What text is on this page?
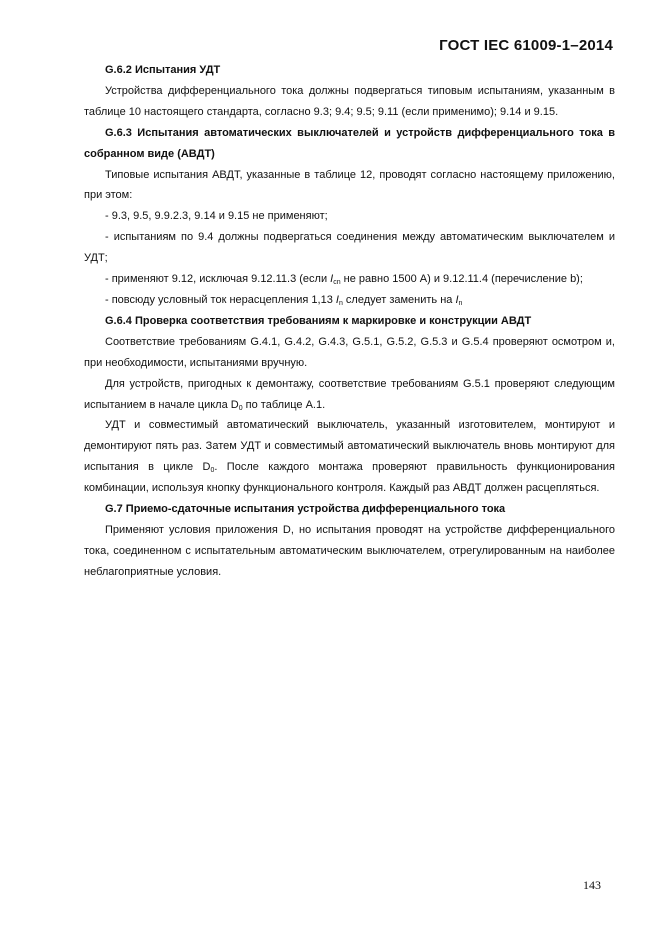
ГОСТ IEC 61009-1–2014

G.6.2 Испытания УДТ

Устройства дифференциального тока должны подвергаться типовым испытаниям, указанным в таблице 10 настоящего стандарта, согласно 9.3; 9.4; 9.5; 9.11 (если применимо); 9.14 и 9.15.

G.6.3 Испытания автоматических выключателей и устройств дифференциального тока в собранном виде (АВДТ)

Типовые испытания АВДТ, указанные в таблице 12, проводят согласно настоящему приложению, при этом:

- 9.3, 9.5, 9.9.2.3, 9.14 и 9.15 не применяют;

- испытаниям по 9.4 должны подвергаться соединения между автоматическим выключателем и УДТ;

- применяют 9.12, исключая 9.12.11.3 (если $I_{cn}$ не равно 1500 А) и 9.12.11.4 (перечисление b);

- повсюду условный ток нерасцепления 1,13 $I_n$ следует заменить на $I_n$

G.6.4 Проверка соответствия требованиям к маркировке и конструкции АВДТ

Соответствие требованиям G.4.1, G.4.2, G.4.3, G.5.1, G.5.2, G.5.3 и G.5.4 проверяют осмотром и, при необходимости, испытаниями вручную.

Для устройств, пригодных к демонтажу, соответствие требованиям G.5.1 проверяют следующим испытанием в начале цикла $D_0$ по таблице А.1.

УДТ и совместимый автоматический выключатель, указанный изготовителем, монтируют и демонтируют пять раз. Затем УДТ и совместимый автоматический выключатель вновь монтируют для испытания в цикле $D_0$. После каждого монтажа проверяют правильность функционирования комбинации, используя кнопку функционального контроля. Каждый раз АВДТ должен расцепляться.

G.7 Приемо-сдаточные испытания устройства дифференциального тока

Применяют условия приложения D, но испытания проводят на устройстве дифференциального тока, соединенном с испытательным автоматическим выключателем, отрегулированным на наиболее неблагоприятные условия.

143
